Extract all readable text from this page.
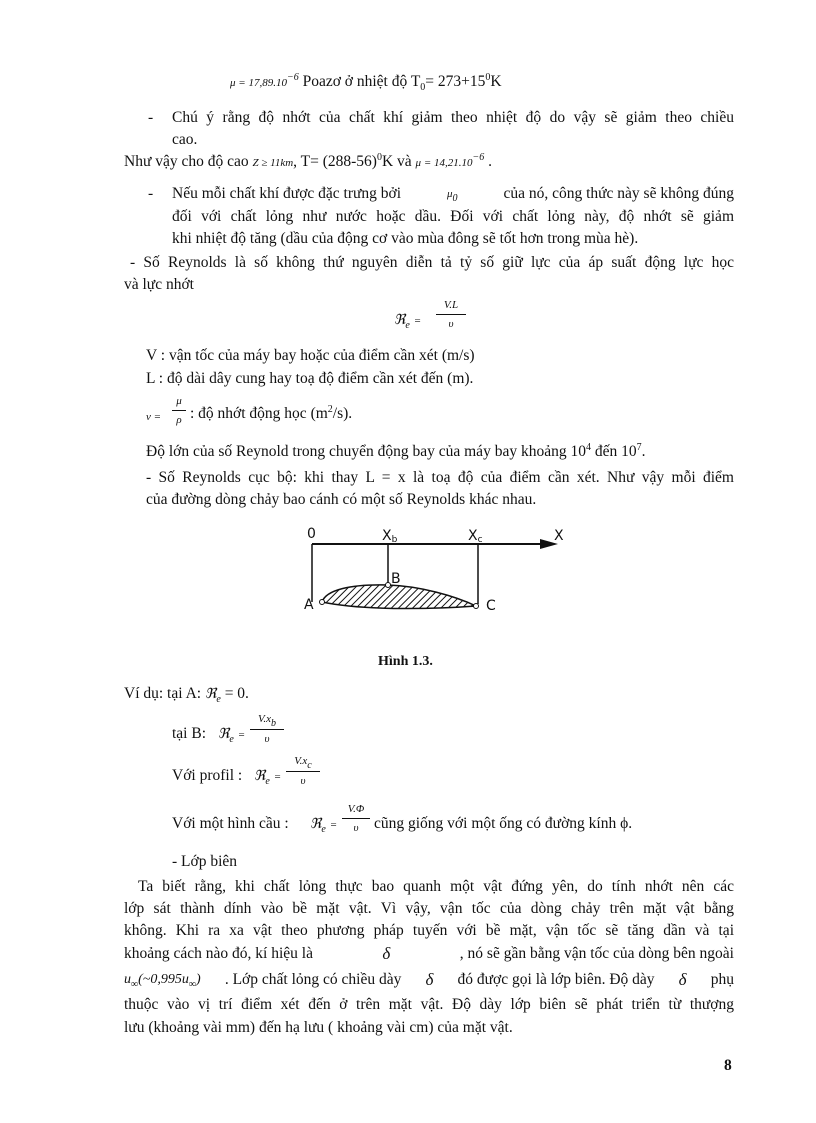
$\mu = 17,89.10^{-6}$ Poazơ ở nhiệt độ $T_0= 273+15^0K$
- Chú ý rằng độ nhớt của chất khí giảm theo nhiệt độ do vậy sẽ giảm theo chiều
cao.
Như vậy cho độ cao Z ≥ 11km, $T= (288-56)^0K$ và $\mu = 14,21.10^{-6}$ .
- Nếu mỗi chất khí được đặc trưng bởi	μ0	của nó, công thức này sẽ không đúng
đối với chất lỏng như nước hoặc dầu. Đối với chất lỏng này, độ nhớt sẽ giảm
khi nhiệt độ tăng (dầu của động cơ vào mùa đông sẽ tốt hơn trong mùa hè).
- Số Reynolds là số không thứ nguyên diễn tả tỷ số giữ lực của áp suất động lực học
và lực nhớt
ℜ$_e$ =
V.L
υ
V : vận tốc của máy bay hoặc của điểm cần xét (m/s)
L : độ dài dây cung hay toạ độ điểm cần xét đến (m).
ν =
μ
ρ : độ nhớt động học $(m^2/s)$.
Độ lớn của số Reynold trong chuyển động bay của máy bay khoảng $10^4$ đến $10^7$.
- Số Reynolds cục bộ: khi thay L = x là toạ độ của điểm cần xét. Như vậy mỗi điểm
của đường dòng chảy bao cánh có một số Reynolds khác nhau.
0	Xb	Xc	X
A
B
C
Hình 1.3.
Ví dụ: tại A: ℜ$_e$ = 0.
tại B: ℜ$_e$ =
V.xb
υ
Với profil : ℜ$_e$ =
V.xc
υ
Với một hình cầu : ℜ$_e$ =
V.Φ
υ cũng giống với một ống có đường kính ϕ.
- Lớp biên
Ta biết rằng, khi chất lỏng thực bao quanh một vật đứng yên, do tính nhớt nên các
lớp sát thành dính vào bề mặt vật. Vì vậy, vận tốc của dòng chảy trên mặt vật bằng
không. Khi ra xa vật theo phương pháp tuyến với bề mặt, vận tốc sẽ tăng dần và tại
khoảng cách nào đó, kí hiệu là	δ	, nó sẽ gần bằng vận tốc của dòng bên ngoài
$u_\infty(\sim 0,995u_\infty)$ . Lớp chất lỏng có chiều dày δ đó được gọi là lớp biên. Độ dày δ phụ
thuộc vào vị trí điểm xét đến ở trên mặt vật. Độ dày lớp biên sẽ phát triển từ thượng
lưu (khoảng vài mm) đến hạ lưu ( khoảng vài cm) của mặt vật.
8
